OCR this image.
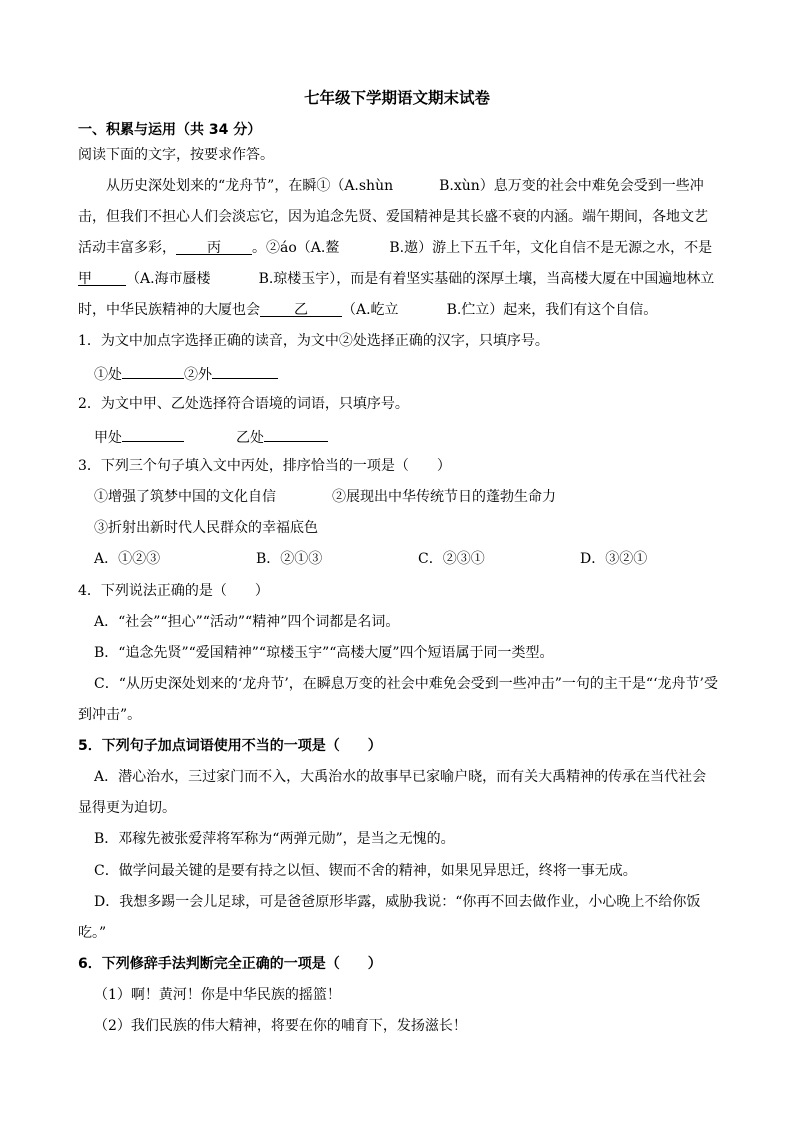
七年级下学期语文期末试卷
一、积累与运用（共 34 分）
阅读下面的文字，按要求作答。
从历史深处划来的“龙舟节”，在瞬①（A.shùn	B.xùn）息万变的社会中难免会受到一些冲
击，但我们不担心人们会淡忘它，因为追念先贤、爱国精神是其长盛不衰的内涵。端午期间，各地文艺
活动丰富多彩， 丙 。②áo（A.鳌	B.遨）游上下五千年，文化自信不是无源之水，不是
甲 （A.海市蜃楼	B.琼楼玉宇），而是有着坚实基础的深厚土壤，当高楼大厦在中国遍地林立
时，中华民族精神的大厦也会 乙 （A.屹立	B.伫立）起来，我们有这个自信。
1．为文中加点字选择正确的读音，为文中②处选择正确的汉字，只填序号。
①处	②外
2．为文中甲、乙处选择符合语境的词语，只填序号。
甲处	乙处
3．下列三个句子填入文中丙处，排序恰当的一项是（　　）
①增强了筑梦中国的文化自信	②展现出中华传统节日的蓬勃生命力
③折射出新时代人民群众的幸福底色
A．①②③	B．②①③	C．②③①	D．③②①
4．下列说法正确的是（　　）
A．“社会”“担心”“活动”“精神”四个词都是名词。
B．“追念先贤”“爱国精神”“琼楼玉宇”“高楼大厦”四个短语属于同一类型。
C．“从历史深处划来的‘龙舟节’，在瞬息万变的社会中难免会受到一些冲击”一句的主干是“‘龙舟节’受
到冲击”。
5．下列句子加点词语使用不当的一项是（　　）
A．潜心治水，三过家门而不入，大禹治水的故事早已家喻户晓，而有关大禹精神的传承在当代社会
显得更为迫切。
B．邓稼先被张爱萍将军称为“两弹元勋”，是当之无愧的。
C．做学问最关键的是要有持之以恒、锲而不舍的精神，如果见异思迁，终将一事无成。
D．我想多踢一会儿足球，可是爸爸原形毕露，威胁我说：“你再不回去做作业，小心晚上不给你饭
吃。”
6．下列修辞手法判断完全正确的一项是（　　）
（1）啊！黄河！你是中华民族的摇篮！
（2）我们民族的伟大精神，将要在你的哺育下，发扬滋长！
